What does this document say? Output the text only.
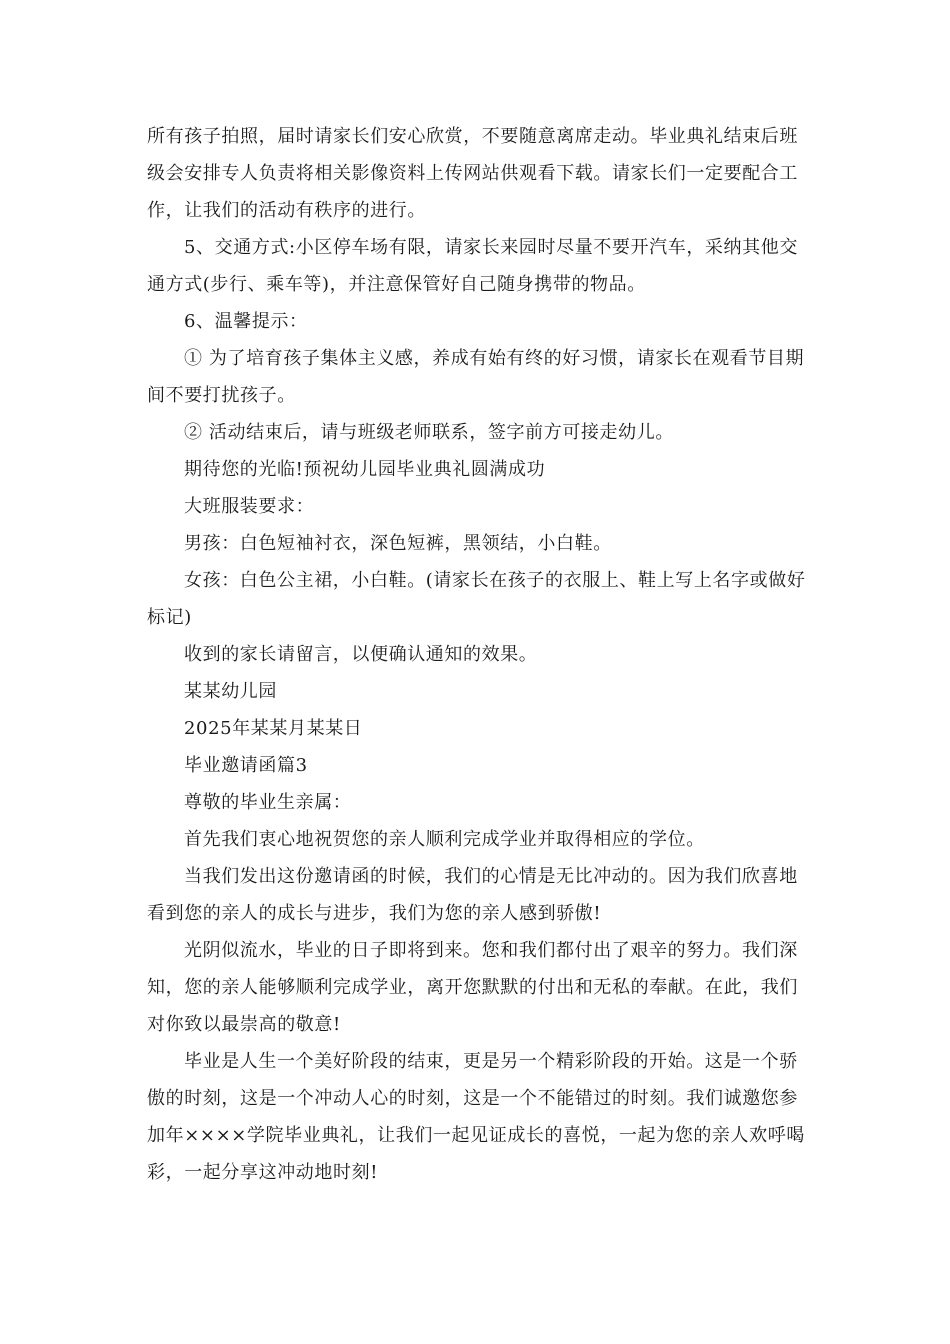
所有孩子拍照，届时请家长们安心欣赏，不要随意离席走动。毕业典礼结束后班级会安排专人负责将相关影像资料上传网站供观看下载。请家长们一定要配合工作，让我们的活动有秩序的进行。

5、交通方式:小区停车场有限，请家长来园时尽量不要开汽车，采纳其他交通方式(步行、乘车等)，并注意保管好自己随身携带的物品。

6、温馨提示：

① 为了培育孩子集体主义感，养成有始有终的好习惯，请家长在观看节目期间不要打扰孩子。

② 活动结束后，请与班级老师联系，签字前方可接走幼儿。

期待您的光临!预祝幼儿园毕业典礼圆满成功

大班服装要求：

男孩：白色短袖衬衣，深色短裤，黑领结，小白鞋。

女孩：白色公主裙，小白鞋。(请家长在孩子的衣服上、鞋上写上名字或做好标记)

收到的家长请留言，以便确认通知的效果。

某某幼儿园

2025年某某月某某日

毕业邀请函篇3

尊敬的毕业生亲属：

首先我们衷心地祝贺您的亲人顺利完成学业并取得相应的学位。

当我们发出这份邀请函的时候，我们的心情是无比冲动的。因为我们欣喜地看到您的亲人的成长与进步，我们为您的亲人感到骄傲!

光阴似流水，毕业的日子即将到来。您和我们都付出了艰辛的努力。我们深知，您的亲人能够顺利完成学业，离开您默默的付出和无私的奉献。在此，我们对你致以最崇高的敬意!

毕业是人生一个美好阶段的结束，更是另一个精彩阶段的开始。这是一个骄傲的时刻，这是一个冲动人心的时刻，这是一个不能错过的时刻。我们诚邀您参加年××××学院毕业典礼，让我们一起见证成长的喜悦，一起为您的亲人欢呼喝彩，一起分享这冲动地时刻!
